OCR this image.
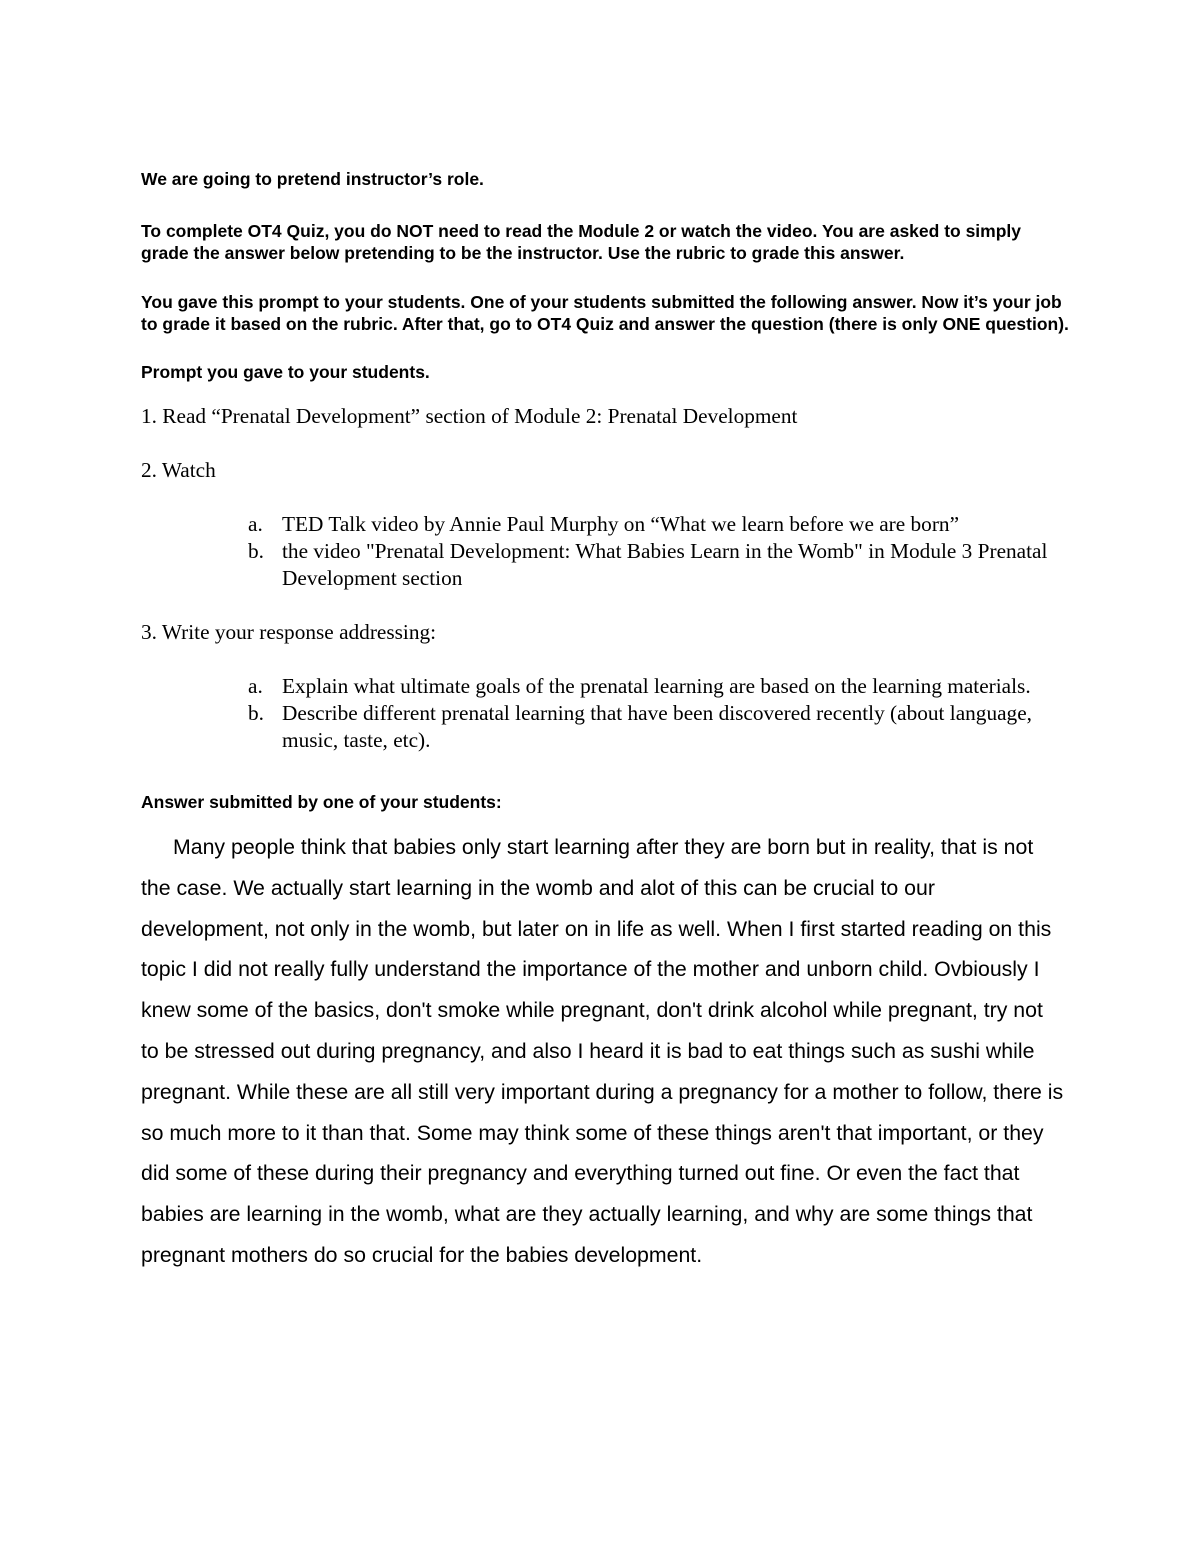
We are going to pretend instructor’s role.

To complete OT4 Quiz, you do NOT need to read the Module 2 or watch the video. You are asked to simply grade the answer below pretending to be the instructor. Use the rubric to grade this answer.

You gave this prompt to your students. One of your students submitted the following answer. Now it’s your job to grade it based on the rubric. After that, go to OT4 Quiz and answer the question (there is only ONE question).

Prompt you gave to your students.

1. Read “Prenatal Development” section of Module 2: Prenatal Development

2. Watch

a. TED Talk video by Annie Paul Murphy on “What we learn before we are born”
b. the video "Prenatal Development: What Babies Learn in the Womb" in Module 3 Prenatal Development section

3. Write your response addressing:

a. Explain what ultimate goals of the prenatal learning are based on the learning materials.
b. Describe different prenatal learning that have been discovered recently (about language, music, taste, etc).

Answer submitted by one of your students:

Many people think that babies only start learning after they are born but in reality, that is not the case. We actually start learning in the womb and alot of this can be crucial to our development, not only in the womb, but later on in life as well. When I first started reading on this topic I did not really fully understand the importance of the mother and unborn child. Ovbiously I knew some of the basics, don't smoke while pregnant, don't drink alcohol while pregnant, try not to be stressed out during pregnancy, and also I heard it is bad to eat things such as sushi while pregnant. While these are all still very important during a pregnancy for a mother to follow, there is so much more to it than that. Some may think some of these things aren't that important, or they did some of these during their pregnancy and everything turned out fine. Or even the fact that babies are learning in the womb, what are they actually learning, and why are some things that pregnant mothers do so crucial for the babies development.
